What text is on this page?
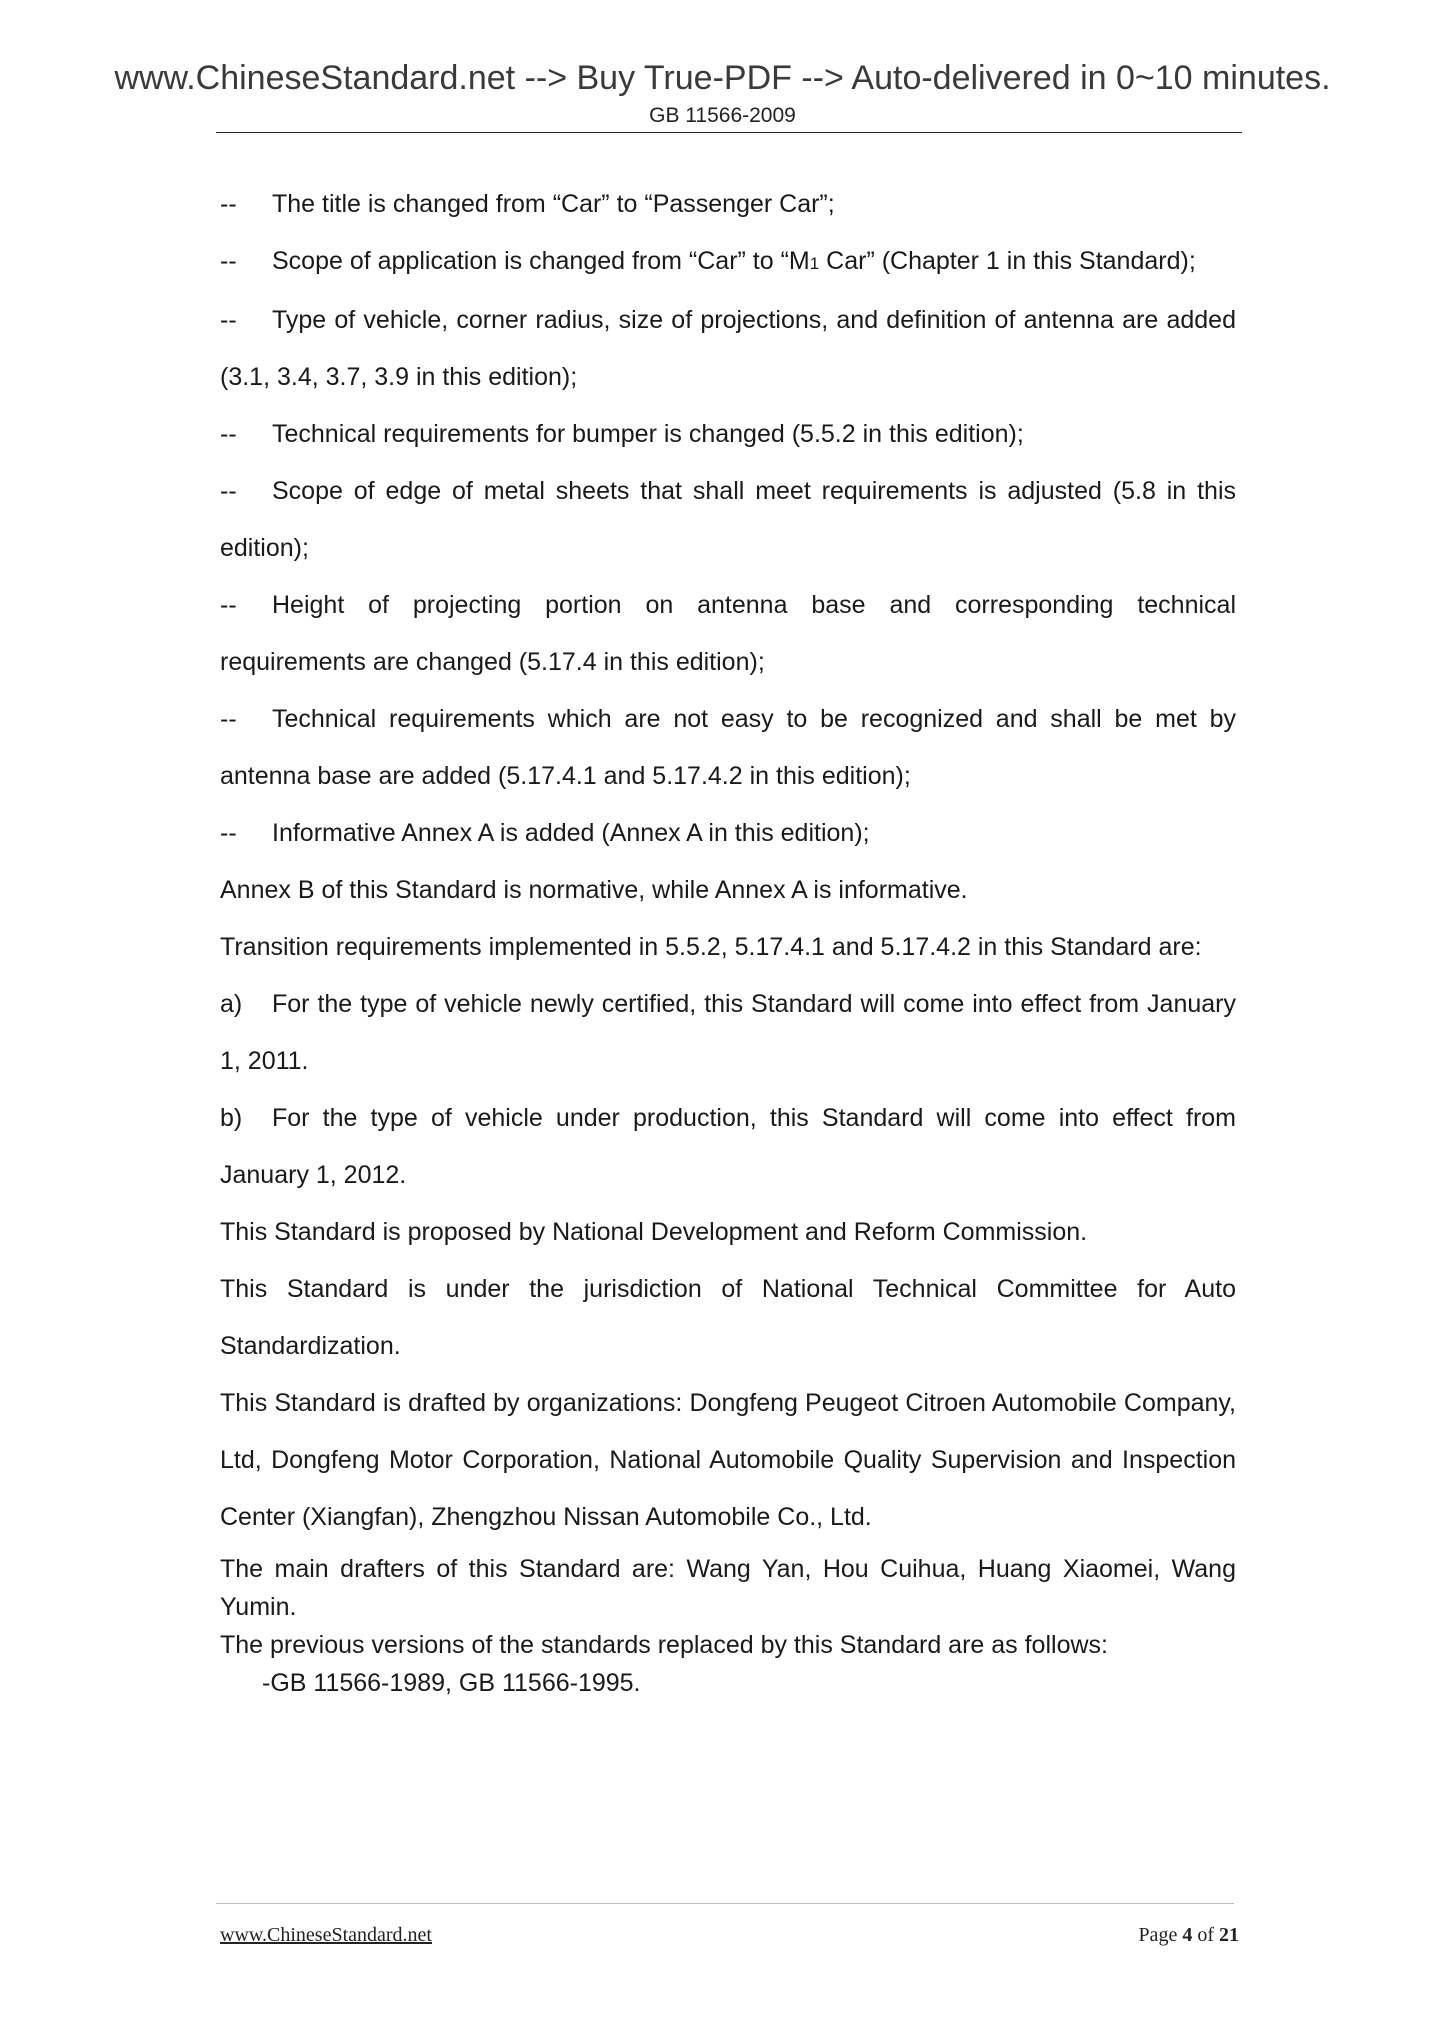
www.ChineseStandard.net --> Buy True-PDF --> Auto-delivered in 0~10 minutes.
GB 11566-2009

-- The title is changed from “Car” to “Passenger Car”;

-- Scope of application is changed from “Car” to “M1 Car” (Chapter 1 in this Standard);

-- Type of vehicle, corner radius, size of projections, and definition of antenna are added (3.1, 3.4, 3.7, 3.9 in this edition);

-- Technical requirements for bumper is changed (5.5.2 in this edition);

-- Scope of edge of metal sheets that shall meet requirements is adjusted (5.8 in this edition);

-- Height of projecting portion on antenna base and corresponding technical requirements are changed (5.17.4 in this edition);

-- Technical requirements which are not easy to be recognized and shall be met by antenna base are added (5.17.4.1 and 5.17.4.2 in this edition);

-- Informative Annex A is added (Annex A in this edition);

Annex B of this Standard is normative, while Annex A is informative.

Transition requirements implemented in 5.5.2, 5.17.4.1 and 5.17.4.2 in this Standard are:

a) For the type of vehicle newly certified, this Standard will come into effect from January 1, 2011.

b) For the type of vehicle under production, this Standard will come into effect from January 1, 2012.

This Standard is proposed by National Development and Reform Commission.

This Standard is under the jurisdiction of National Technical Committee for Auto Standardization.

This Standard is drafted by organizations: Dongfeng Peugeot Citroen Automobile Company, Ltd, Dongfeng Motor Corporation, National Automobile Quality Supervision and Inspection Center (Xiangfan), Zhengzhou Nissan Automobile Co., Ltd.

The main drafters of this Standard are: Wang Yan, Hou Cuihua, Huang Xiaomei, Wang Yumin.

The previous versions of the standards replaced by this Standard are as follows:

-GB 11566-1989, GB 11566-1995.

www.ChineseStandard.net	Page 4 of 21
